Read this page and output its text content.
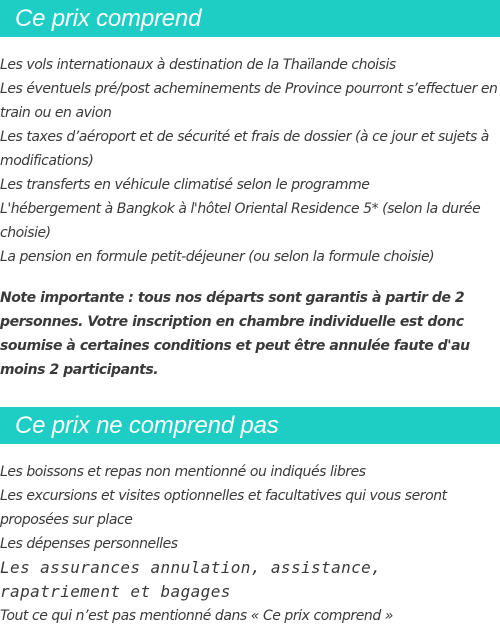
Ce prix comprend
Les vols internationaux à destination de la Thaïlande choisis
Les éventuels pré/post acheminements de Province pourront s’effectuer en train ou en avion
Les taxes d’aéroport et de sécurité et frais de dossier (à ce jour et sujets à modifications)
Les transferts en véhicule climatisé selon le programme
L'hébergement à Bangkok à l'hôtel Oriental Residence 5* (selon la durée choisie)
La pension en formule petit-déjeuner (ou selon la formule choisie)

Note importante : tous nos départs sont garantis à partir de 2 personnes. Votre inscription en chambre individuelle est donc soumise à certaines conditions et peut être annulée faute d'au moins 2 participants.

Ce prix ne comprend pas
Les boissons et repas non mentionné ou indiqués libres
Les excursions et visites optionnelles et facultatives qui vous seront proposées sur place
Les dépenses personnelles
Les assurances annulation, assistance, rapatriement et bagages
Tout ce qui n’est pas mentionné dans « Ce prix comprend »
